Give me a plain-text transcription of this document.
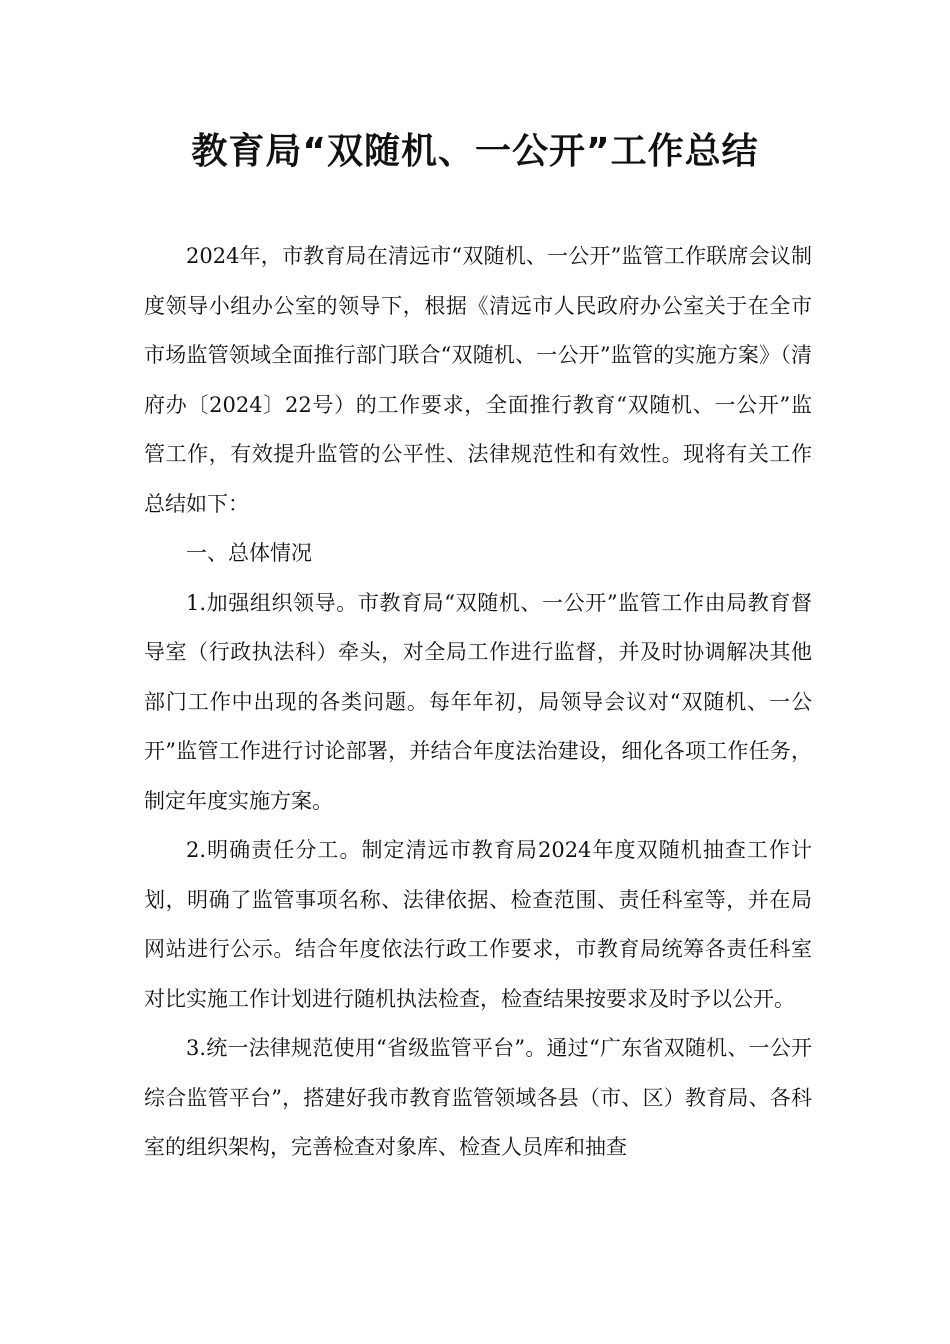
教育局“双随机、一公开”工作总结

2024年，市教育局在清远市“双随机、一公开”监管工作联席会议制度领导小组办公室的领导下，根据《清远市人民政府办公室关于在全市市场监管领域全面推行部门联合“双随机、一公开”监管的实施方案》（清府办〔2024〕22号）的工作要求，全面推行教育“双随机、一公开”监管工作，有效提升监管的公平性、法律规范性和有效性。现将有关工作总结如下：

一、总体情况

1.加强组织领导。市教育局“双随机、一公开”监管工作由局教育督导室（行政执法科）牵头，对全局工作进行监督，并及时协调解决其他部门工作中出现的各类问题。每年年初，局领导会议对“双随机、一公开”监管工作进行讨论部署，并结合年度法治建设，细化各项工作任务，制定年度实施方案。

2.明确责任分工。制定清远市教育局2024年度双随机抽查工作计划，明确了监管事项名称、法律依据、检查范围、责任科室等，并在局网站进行公示。结合年度依法行政工作要求，市教育局统筹各责任科室对比实施工作计划进行随机执法检查，检查结果按要求及时予以公开。

3.统一法律规范使用“省级监管平台”。通过“广东省双随机、一公开综合监管平台”，搭建好我市教育监管领域各县（市、区）教育局、各科室的组织架构，完善检查对象库、检查人员库和抽查
